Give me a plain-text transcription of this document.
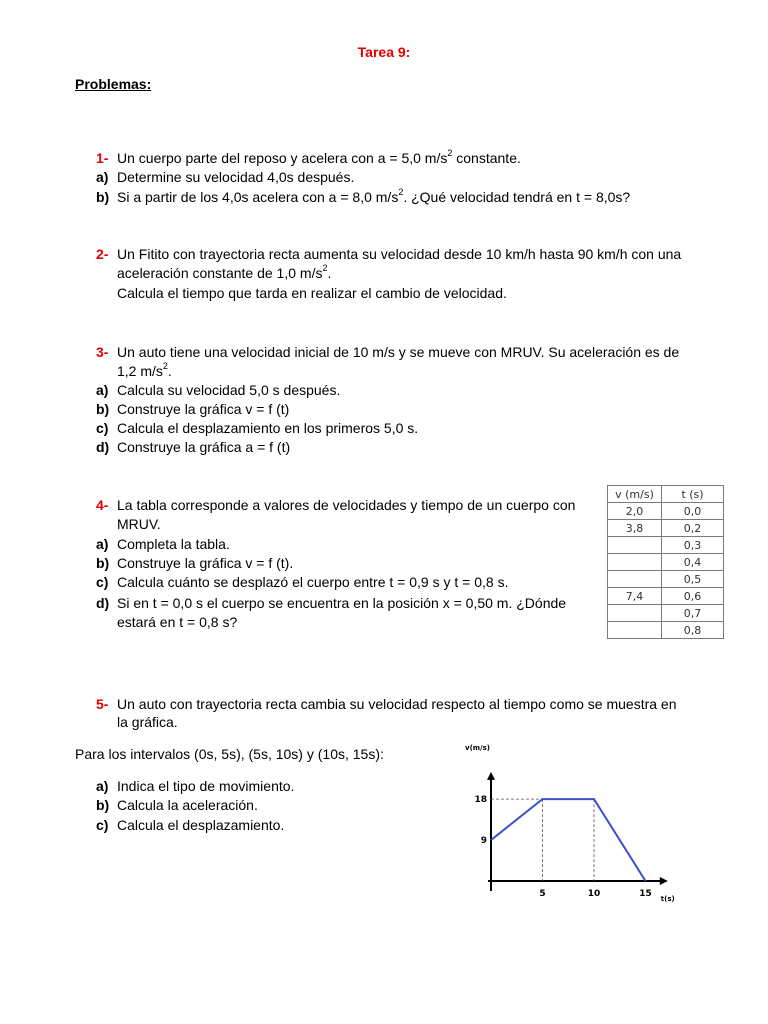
Tarea 9:
Problemas:
1- Un cuerpo parte del reposo y acelera con a = 5,0 $m/s^2$ constante.
a) Determine su velocidad 4,0s después.
b) Si a partir de los 4,0s acelera con a = 8,0 $m/s^2$. ¿Qué velocidad tendrá en t = 8,0s?
2- Un Fitito con trayectoria recta aumenta su velocidad desde 10 km/h hasta 90 km/h con una
aceleración constante de 1,0 $m/s^2$.
Calcula el tiempo que tarda en realizar el cambio de velocidad.
3- Un auto tiene una velocidad inicial de 10 m/s y se mueve con MRUV. Su aceleración es de
1,2 $m/s^2$.
a) Calcula su velocidad 5,0 s después.
b) Construye la gráfica v = f (t)
c) Calcula el desplazamiento en los primeros 5,0 s.
d) Construye la gráfica a = f (t)
4- La tabla corresponde a valores de velocidades y tiempo de un cuerpo con
MRUV.
a) Completa la tabla.
b) Construye la gráfica v = f (t).
c) Calcula cuánto se desplazó el cuerpo entre t = 0,9 s y t = 0,8 s.
d) Si en t = 0,0 s el cuerpo se encuentra en la posición x = 0,50 m. ¿Dónde
estará en t = 0,8 s?
v (m/s)	t (s)
2,0	0,0
3,8	0,2
	0,3
	0,4
	0,5
7,4	0,6
	0,7
	0,8
5- Un auto con trayectoria recta cambia su velocidad respecto al tiempo como se muestra en
la gráfica.
Para los intervalos (0s, 5s), (5s, 10s) y (10s, 15s):
a) Indica el tipo de movimiento.
b) Calcula la aceleración.
c) Calcula el desplazamiento.
5	10	15
9
18
v(m/s)
t(s)
